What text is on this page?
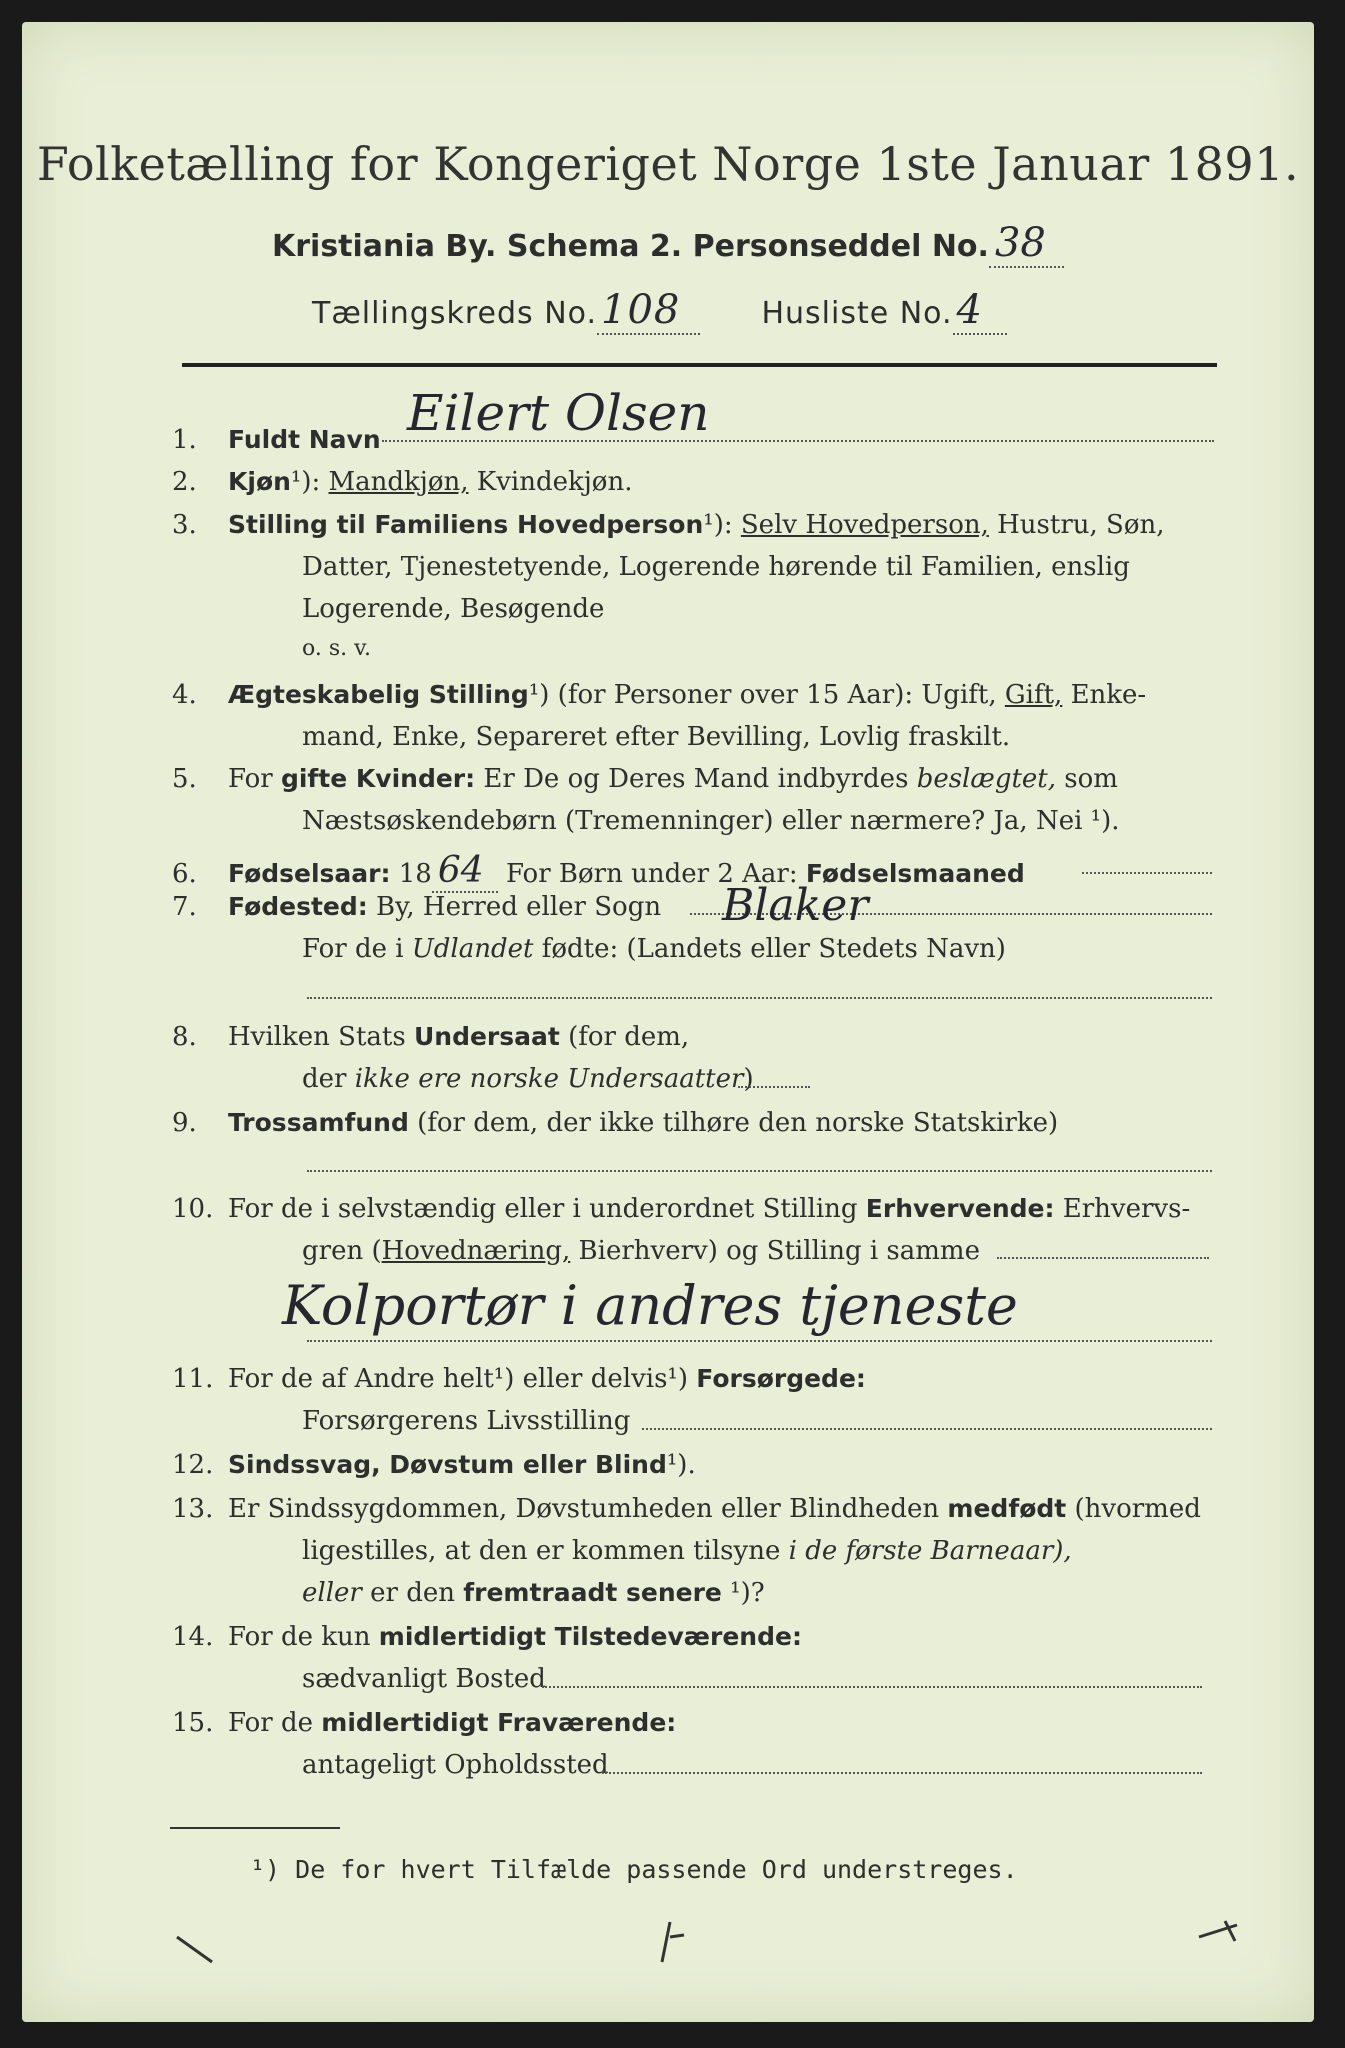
Folketælling for Kongeriget Norge 1ste Januar 1891.
Kristiania By. Schema 2. Personseddel No. 38
Tællingskreds No. 108	Husliste No. 4
1. Fuldt Navn Eilert Olsen
2. Kjøn¹): Mandkjøn, Kvindekjøn.
3. Stilling til Familiens Hovedperson¹): Selv Hovedperson, Hustru, Søn,
Datter, Tjenestetyende, Logerende hørende til Familien, enslig
Logerende, Besøgende
o. s. v.
4. Ægteskabelig Stilling¹) (for Personer over 15 Aar): Ugift, Gift, Enke-
mand, Enke, Separeret efter Bevilling, Lovlig fraskilt.
5. For gifte Kvinder: Er De og Deres Mand indbyrdes beslægtet, som
Næstsøskendebørn (Tremenninger) eller nærmere? Ja, Nei ¹).
6. Fødselsaar: 18 64 For Børn under 2 Aar: Fødselsmaaned
7. Fødested: By, Herred eller Sogn Blaker
For de i Udlandet fødte: (Landets eller Stedets Navn)
8. Hvilken Stats Undersaat (for dem,
der ikke ere norske Undersaatter)
9. Trossamfund (for dem, der ikke tilhøre den norske Statskirke)
10. For de i selvstændig eller i underordnet Stilling Erhvervende: Erhvervs-
gren (Hovednæring, Bierhverv) og Stilling i samme
Kolportør i andres tjeneste
11. For de af Andre helt¹) eller delvis¹) Forsørgede:
Forsørgerens Livsstilling
12. Sindssvag, Døvstum eller Blind¹).
13. Er Sindssygdommen, Døvstumheden eller Blindheden medfødt (hvormed
ligestilles, at den er kommen tilsyne i de første Barneaar),
eller er den fremtraadt senere ¹)?
14. For de kun midlertidigt Tilstedeværende:
sædvanligt Bosted
15. For de midlertidigt Fraværende:
antageligt Opholdssted
¹) De for hvert Tilfælde passende Ord understreges.
